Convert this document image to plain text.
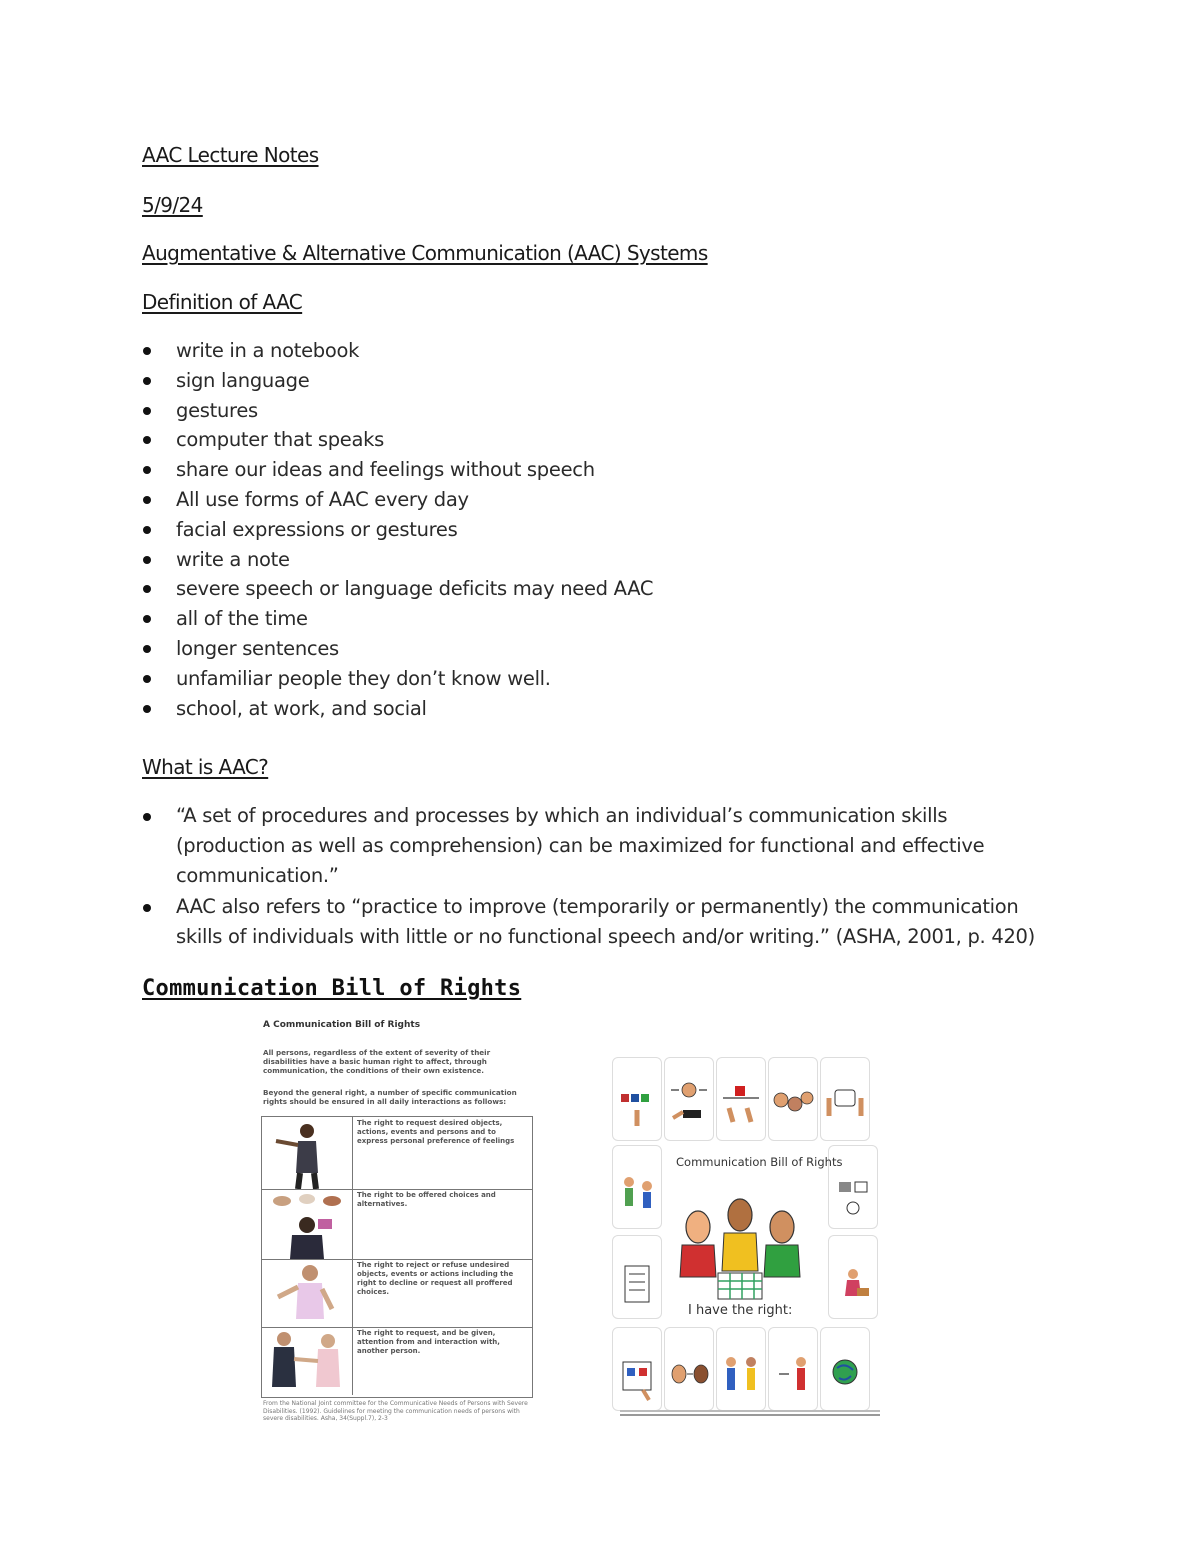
AAC Lecture Notes
5/9/24
Augmentative & Alternative Communication (AAC) Systems
Definition of AAC
write in a notebook
sign language
gestures
computer that speaks
share our ideas and feelings without speech
All use forms of AAC every day
facial expressions or gestures
write a note
severe speech or language deficits may need AAC
all of the time
longer sentences
unfamiliar people they don’t know well.
school, at work, and social
What is AAC?
“A set of procedures and processes by which an individual’s communication skills (production as well as comprehension) can be maximized for functional and effective communication.”
AAC also refers to “practice to improve (temporarily or permanently) the communication skills of individuals with little or no functional speech and/or writing.” (ASHA, 2001, p. 420)
Communication Bill of Rights
A Communication Bill of Rights
All persons, regardless of the extent of severity of their disabilities have a basic human right to affect, through communication, the conditions of their own existence.
Beyond the general right, a number of specific communication rights should be ensured in all daily interactions as follows:
The right to request desired objects, actions, events and persons and to express personal preference of feelings
The right to be offered choices and alternatives.
The right to reject or refuse undesired objects, events or actions including the right to decline or request all proffered choices.
The right to request, and be given, attention from and interaction with, another person.
From the National Joint committee for the Communicative Needs of Persons with Severe Disabilities. (1992). Guidelines for meeting the communication needs of persons with severe disabilities. Asha, 34(Suppl.7), 2-3
Communication Bill of Rights
I have the right:
